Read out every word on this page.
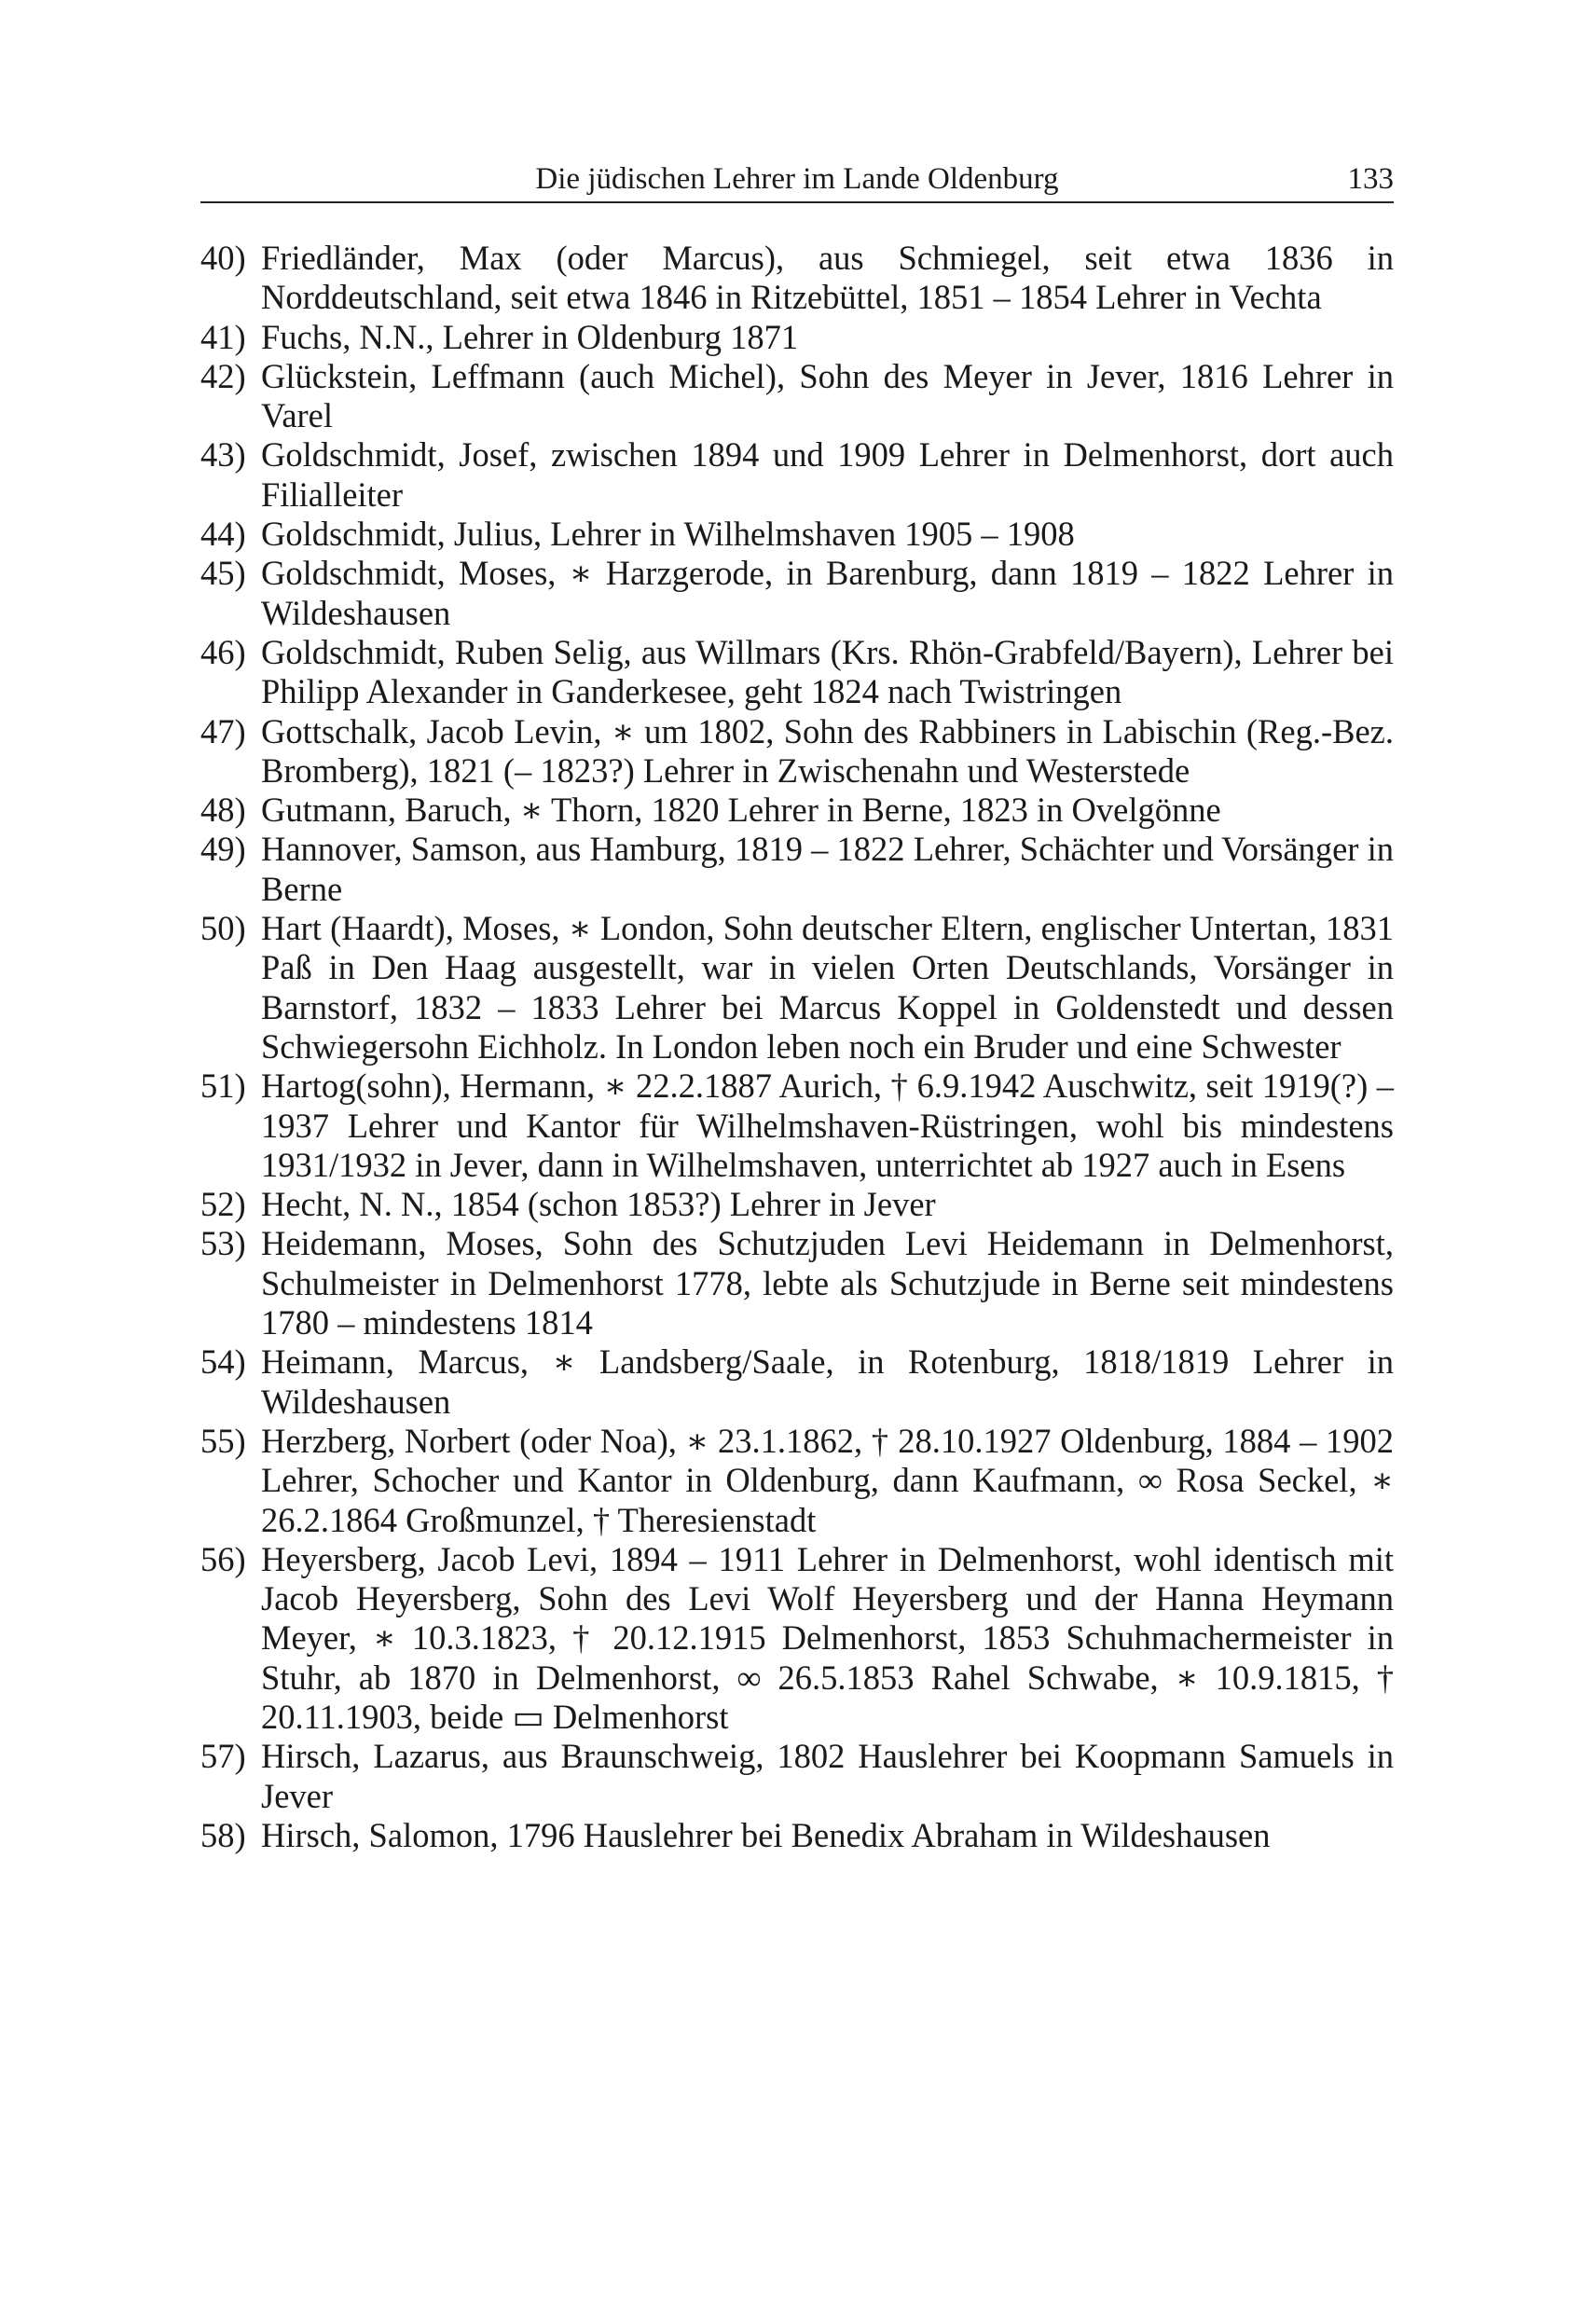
Die jüdischen Lehrer im Lande Oldenburg	133
40) Friedländer, Max (oder Marcus), aus Schmiegel, seit etwa 1836 in Norddeutschland, seit etwa 1846 in Ritzebüttel, 1851 – 1854 Lehrer in Vechta
41) Fuchs, N.N., Lehrer in Oldenburg 1871
42) Glückstein, Leffmann (auch Michel), Sohn des Meyer in Jever, 1816 Lehrer in Varel
43) Goldschmidt, Josef, zwischen 1894 und 1909 Lehrer in Delmenhorst, dort auch Filialleiter
44) Goldschmidt, Julius, Lehrer in Wilhelmshaven 1905 – 1908
45) Goldschmidt, Moses, ∗ Harzgerode, in Barenburg, dann 1819 – 1822 Lehrer in Wildeshausen
46) Goldschmidt, Ruben Selig, aus Willmars (Krs. Rhön-Grabfeld/Bayern), Lehrer bei Philipp Alexander in Ganderkesee, geht 1824 nach Twistringen
47) Gottschalk, Jacob Levin, ∗ um 1802, Sohn des Rabbiners in Labischin (Reg.-Bez. Bromberg), 1821 (– 1823?) Lehrer in Zwischenahn und Westerstede
48) Gutmann, Baruch, ∗ Thorn, 1820 Lehrer in Berne, 1823 in Ovelgönne
49) Hannover, Samson, aus Hamburg, 1819 – 1822 Lehrer, Schächter und Vorsänger in Berne
50) Hart (Haardt), Moses, ∗ London, Sohn deutscher Eltern, englischer Untertan, 1831 Paß in Den Haag ausgestellt, war in vielen Orten Deutschlands, Vorsänger in Barnstorf, 1832 – 1833 Lehrer bei Marcus Koppel in Goldenstedt und dessen Schwiegersohn Eichholz. In London leben noch ein Bruder und eine Schwester
51) Hartog(sohn), Hermann, ∗ 22.2.1887 Aurich, † 6.9.1942 Auschwitz, seit 1919(?) – 1937 Lehrer und Kantor für Wilhelmshaven-Rüstringen, wohl bis mindestens 1931/1932 in Jever, dann in Wilhelmshaven, unterrichtet ab 1927 auch in Esens
52) Hecht, N. N., 1854 (schon 1853?) Lehrer in Jever
53) Heidemann, Moses, Sohn des Schutzjuden Levi Heidemann in Delmenhorst, Schulmeister in Delmenhorst 1778, lebte als Schutzjude in Berne seit mindestens 1780 – mindestens 1814
54) Heimann, Marcus, ∗ Landsberg/Saale, in Rotenburg, 1818/1819 Lehrer in Wildeshausen
55) Herzberg, Norbert (oder Noa), ∗ 23.1.1862, † 28.10.1927 Oldenburg, 1884 – 1902 Lehrer, Schocher und Kantor in Oldenburg, dann Kaufmann, ∞ Rosa Seckel, ∗ 26.2.1864 Großmunzel, † Theresienstadt
56) Heyersberg, Jacob Levi, 1894 – 1911 Lehrer in Delmenhorst, wohl identisch mit Jacob Heyersberg, Sohn des Levi Wolf Heyersberg und der Hanna Heymann Meyer, ∗ 10.3.1823, † 20.12.1915 Delmenhorst, 1853 Schuhmachermeister in Stuhr, ab 1870 in Delmenhorst, ∞ 26.5.1853 Rahel Schwabe, ∗ 10.9.1815, † 20.11.1903, beide ▭ Delmenhorst
57) Hirsch, Lazarus, aus Braunschweig, 1802 Hauslehrer bei Koopmann Samuels in Jever
58) Hirsch, Salomon, 1796 Hauslehrer bei Benedix Abraham in Wildeshausen
